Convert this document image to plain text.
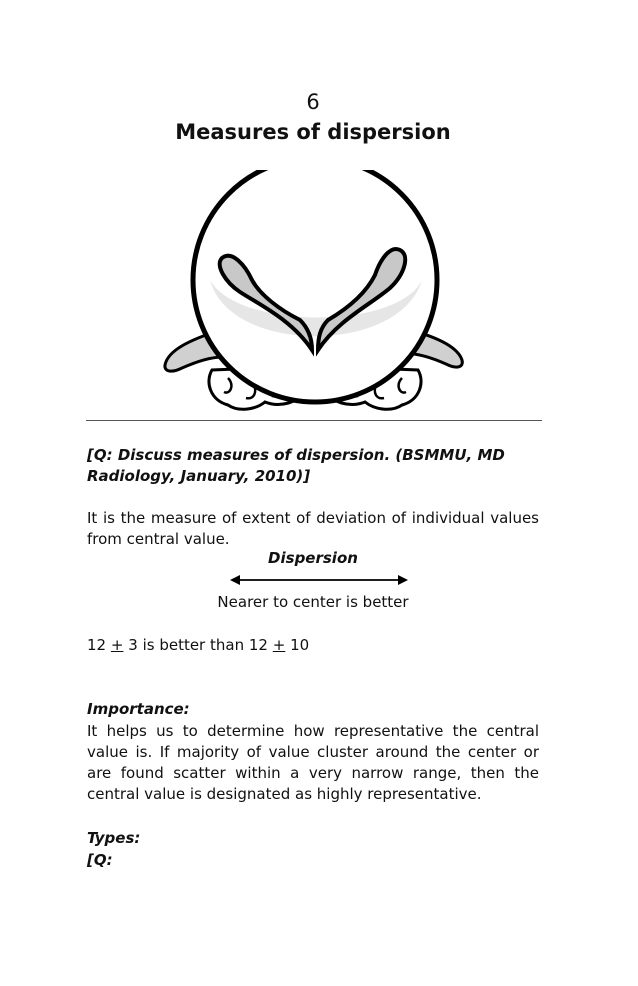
6
Measures of dispersion
[Q: Discuss measures of dispersion. (BSMMU, MD Radiology, January, 2010)]
It is the measure of extent of deviation of individual values from central value.
Dispersion
Nearer to center is better
12 + 3 is better than 12 + 10
Importance:
It helps us to determine how representative the central value is. If majority of value cluster around the center or are found scatter within a very narrow range, then the central value is designated as highly representative.
Types:
[Q:
